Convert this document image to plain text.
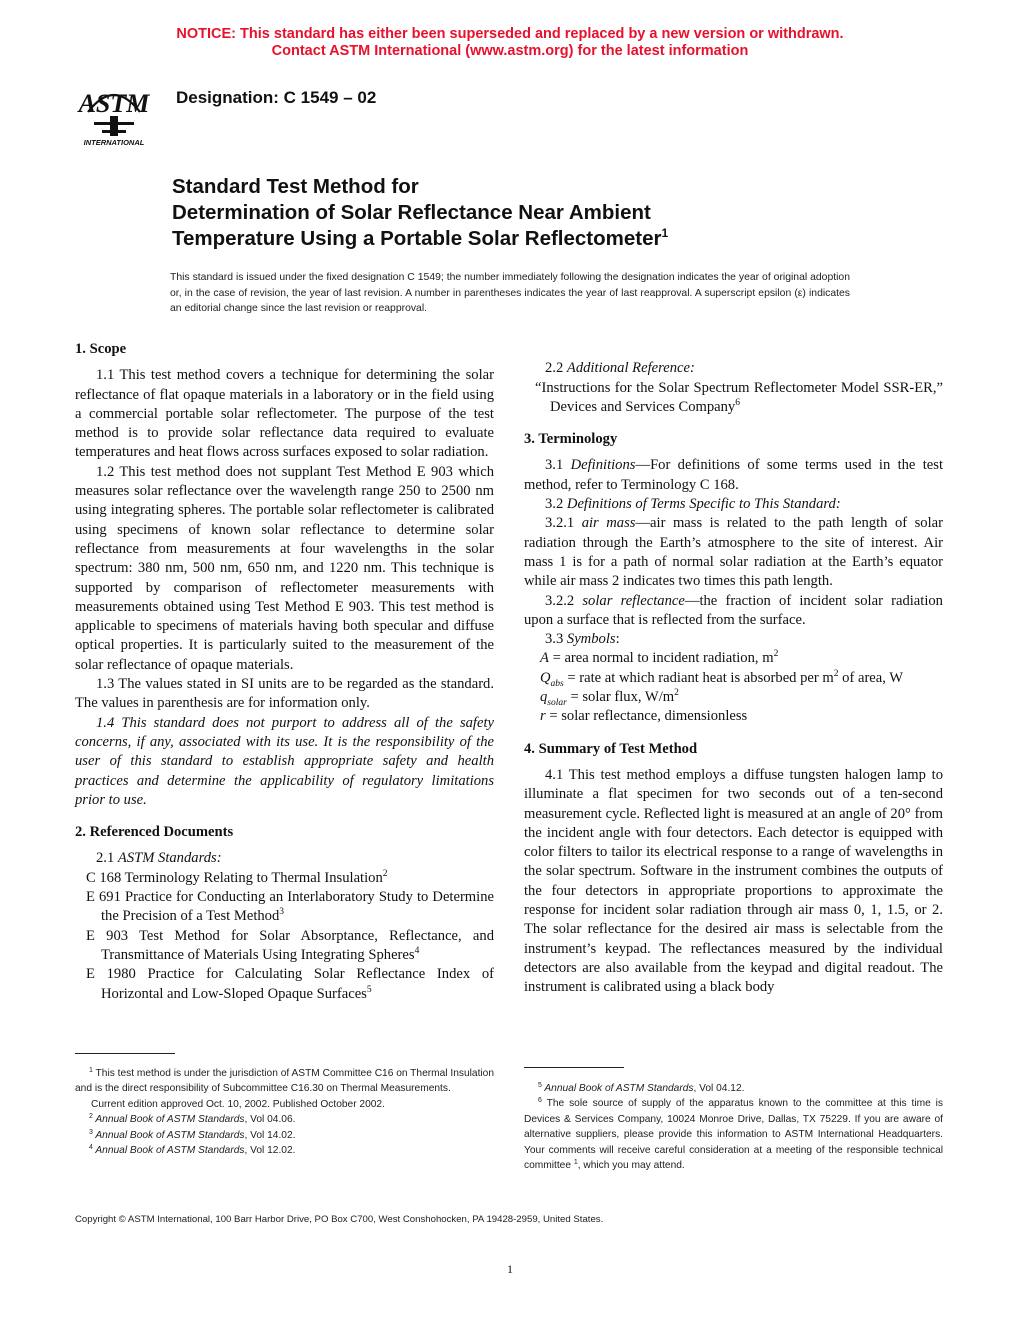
NOTICE: This standard has either been superseded and replaced by a new version or withdrawn.
Contact ASTM International (www.astm.org) for the latest information
ASTM
INTERNATIONAL
Designation: C 1549 – 02
Standard Test Method for
Determination of Solar Reflectance Near Ambient
Temperature Using a Portable Solar Reflectometer$^1$
This standard is issued under the fixed designation C 1549; the number immediately following the designation indicates the year of original adoption or, in the case of revision, the year of last revision. A number in parentheses indicates the year of last reapproval. A superscript epsilon (ε) indicates an editorial change since the last revision or reapproval.

1. Scope

1.1 This test method covers a technique for determining the solar reflectance of flat opaque materials in a laboratory or in the field using a commercial portable solar reflectometer. The purpose of the test method is to provide solar reflectance data required to evaluate temperatures and heat flows across surfaces exposed to solar radiation.

1.2 This test method does not supplant Test Method E 903 which measures solar reflectance over the wavelength range 250 to 2500 nm using integrating spheres. The portable solar reflectometer is calibrated using specimens of known solar reflectance to determine solar reflectance from measurements at four wavelengths in the solar spectrum: 380 nm, 500 nm, 650 nm, and 1220 nm. This technique is supported by comparison of reflectometer measurements with measurements obtained using Test Method E 903. This test method is applicable to specimens of materials having both specular and diffuse optical properties. It is particularly suited to the measurement of the solar reflectance of opaque materials.

1.3 The values stated in SI units are to be regarded as the standard. The values in parenthesis are for information only.

1.4 This standard does not purport to address all of the safety concerns, if any, associated with its use. It is the responsibility of the user of this standard to establish appropriate safety and health practices and determine the applicability of regulatory limitations prior to use.

2. Referenced Documents

2.1 ASTM Standards:

C 168 Terminology Relating to Thermal Insulation$^2$

E 691 Practice for Conducting an Interlaboratory Study to Determine the Precision of a Test Method$^3$

E 903 Test Method for Solar Absorptance, Reflectance, and Transmittance of Materials Using Integrating Spheres$^4$

E 1980 Practice for Calculating Solar Reflectance Index of Horizontal and Low-Sloped Opaque Surfaces$^5$

2.2 Additional Reference:

“Instructions for the Solar Spectrum Reflectometer Model SSR-ER,” Devices and Services Company$^6$

3. Terminology

3.1 Definitions—For definitions of some terms used in the test method, refer to Terminology C 168.

3.2 Definitions of Terms Specific to This Standard:

3.2.1 air mass—air mass is related to the path length of solar radiation through the Earth’s atmosphere to the site of interest. Air mass 1 is for a path of normal solar radiation at the Earth’s equator while air mass 2 indicates two times this path length.

3.2.2 solar reflectance—the fraction of incident solar radiation upon a surface that is reflected from the surface.

3.3 Symbols:

A = area normal to incident radiation, $m^2$

$Q_{abs}$ = rate at which radiant heat is absorbed per $m^2$ of area, W

$q_{solar}$ = solar flux, $W/m^2$

r = solar reflectance, dimensionless

4. Summary of Test Method

4.1 This test method employs a diffuse tungsten halogen lamp to illuminate a flat specimen for two seconds out of a ten-second measurement cycle. Reflected light is measured at an angle of 20° from the incident angle with four detectors. Each detector is equipped with color filters to tailor its electrical response to a range of wavelengths in the solar spectrum. Software in the instrument combines the outputs of the four detectors in appropriate proportions to approximate the response for incident solar radiation through air mass 0, 1, 1.5, or 2. The solar reflectance for the desired air mass is selectable from the instrument’s keypad. The reflectances measured by the individual detectors are also available from the keypad and digital readout. The instrument is calibrated using a black body

$^1$ This test method is under the jurisdiction of ASTM Committee C16 on Thermal Insulation and is the direct responsibility of Subcommittee C16.30 on Thermal Measurements.

Current edition approved Oct. 10, 2002. Published October 2002.

$^2$ Annual Book of ASTM Standards, Vol 04.06.

$^3$ Annual Book of ASTM Standards, Vol 14.02.

$^4$ Annual Book of ASTM Standards, Vol 12.02.

$^5$ Annual Book of ASTM Standards, Vol 04.12.

$^6$ The sole source of supply of the apparatus known to the committee at this time is Devices & Services Company, 10024 Monroe Drive, Dallas, TX 75229. If you are aware of alternative suppliers, please provide this information to ASTM International Headquarters. Your comments will receive careful consideration at a meeting of the responsible technical committee $^1$, which you may attend.

Copyright © ASTM International, 100 Barr Harbor Drive, PO Box C700, West Conshohocken, PA 19428-2959, United States.
1
